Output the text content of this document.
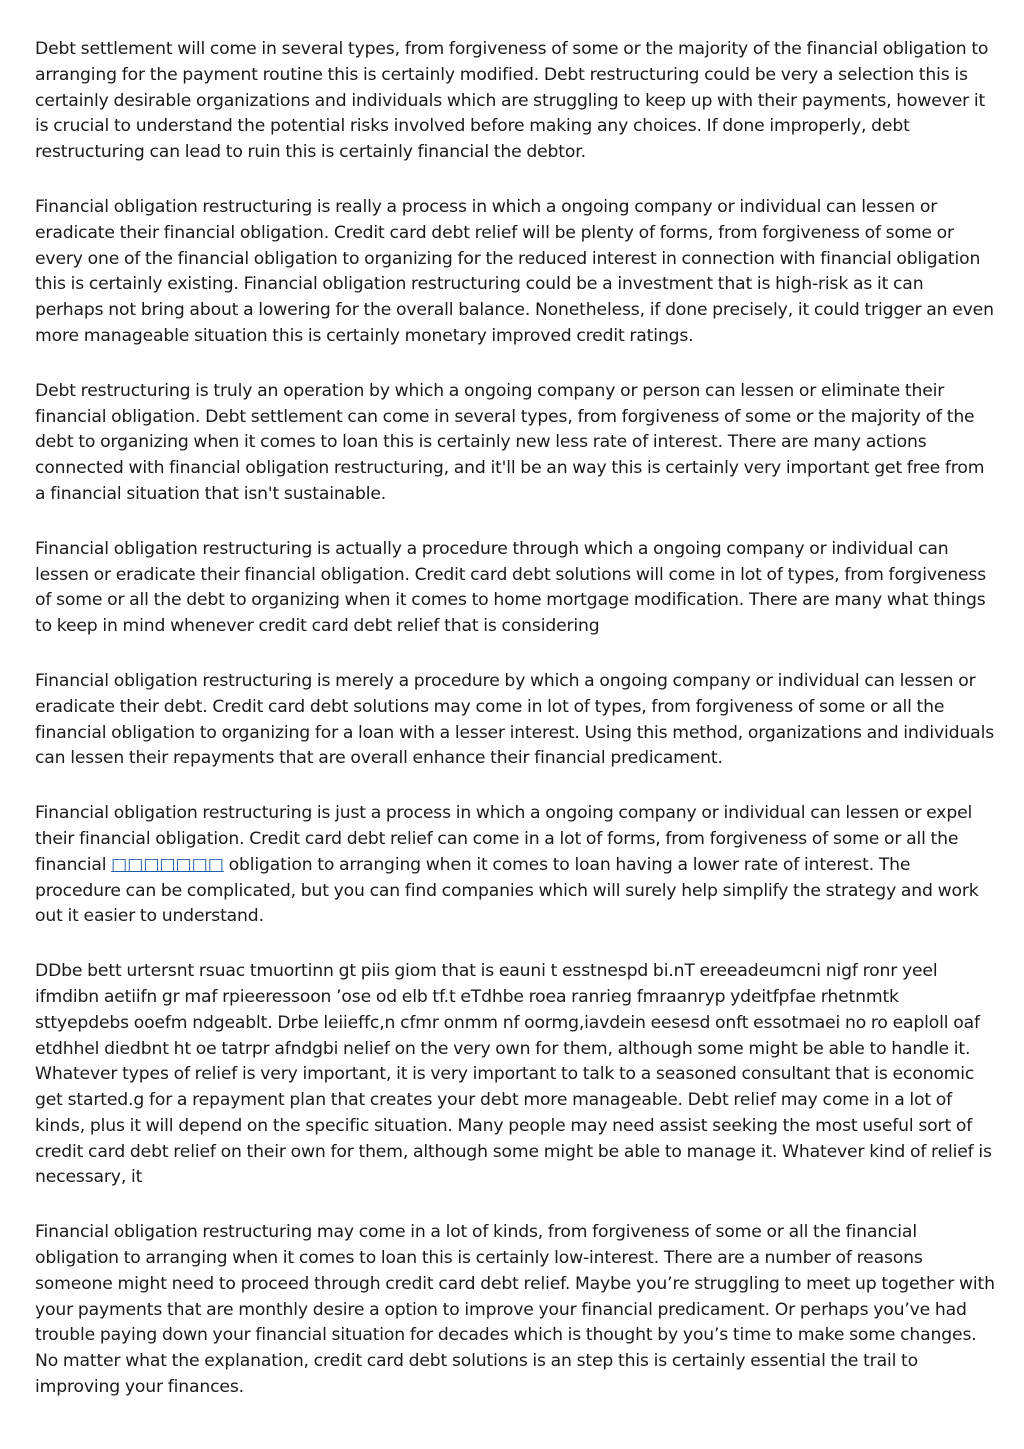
Debt settlement will come in several types, from forgiveness of some or the majority of the financial obligation to arranging for the payment routine this is certainly modified. Debt restructuring could be very a selection this is certainly desirable organizations and individuals which are struggling to keep up with their payments, however it is crucial to understand the potential risks involved before making any choices. If done improperly, debt restructuring can lead to ruin this is certainly financial the debtor.

Financial obligation restructuring is really a process in which a ongoing company or individual can lessen or eradicate their financial obligation. Credit card debt relief will be plenty of forms, from forgiveness of some or every one of the financial obligation to organizing for the reduced interest in connection with financial obligation this is certainly existing. Financial obligation restructuring could be a investment that is high-risk as it can perhaps not bring about a lowering for the overall balance. Nonetheless, if done precisely, it could trigger an even more manageable situation this is certainly monetary improved credit ratings.

Debt restructuring is truly an operation by which a ongoing company or person can lessen or eliminate their financial obligation. Debt settlement can come in several types, from forgiveness of some or the majority of the debt to organizing when it comes to loan this is certainly new less rate of interest. There are many actions connected with financial obligation restructuring, and it'll be an way this is certainly very important get free from a financial situation that isn't sustainable.

Financial obligation restructuring is actually a procedure through which a ongoing company or individual can lessen or eradicate their financial obligation. Credit card debt solutions will come in lot of types, from forgiveness of some or all the debt to organizing when it comes to home mortgage modification. There are many what things to keep in mind whenever credit card debt relief that is considering

Financial obligation restructuring is merely a procedure by which a ongoing company or individual can lessen or eradicate their debt. Credit card debt solutions may come in lot of types, from forgiveness of some or all the financial obligation to organizing for a loan with a lesser interest. Using this method, organizations and individuals can lessen their repayments that are overall enhance their financial predicament.

Financial obligation restructuring is just a process in which a ongoing company or individual can lessen or expel their financial obligation. Credit card debt relief can come in a lot of forms, from forgiveness of some or all the financial □□□□□□□ obligation to arranging when it comes to loan having a lower rate of interest. The procedure can be complicated, but you can find companies which will surely help simplify the strategy and work out it easier to understand.

DDbe bett urtersnt rsuac tmuortinn gt piis giom that is eauni t esstnespd bi.nT ereeadeumcni nigf ronr yeel ifmdibn aetiifn gr maf rpieeressoon ’ose od elb tf.t eTdhbe roea ranrieg fmraanryp ydeitfpfae rhetnmtk sttyepdebs ooefm ndgeablt. Drbe leiieffc,n cfmr onmm nf oormg,iavdein eesesd onft essotmaei no ro eaploll oaf etdhhel diedbnt ht oe tatrpr afndgbi nelief on the very own for them, although some might be able to handle it. Whatever types of relief is very important, it is very important to talk to a seasoned consultant that is economic get started.g for a repayment plan that creates your debt more manageable. Debt relief may come in a lot of kinds, plus it will depend on the specific situation. Many people may need assist seeking the most useful sort of credit card debt relief on their own for them, although some might be able to manage it. Whatever kind of relief is necessary, it

Financial obligation restructuring may come in a lot of kinds, from forgiveness of some or all the financial obligation to arranging when it comes to loan this is certainly low-interest. There are a number of reasons someone might need to proceed through credit card debt relief. Maybe you’re struggling to meet up together with your payments that are monthly desire a option to improve your financial predicament. Or perhaps you’ve had trouble paying down your financial situation for decades which is thought by you’s time to make some changes. No matter what the explanation, credit card debt solutions is an step this is certainly essential the trail to improving your finances.
